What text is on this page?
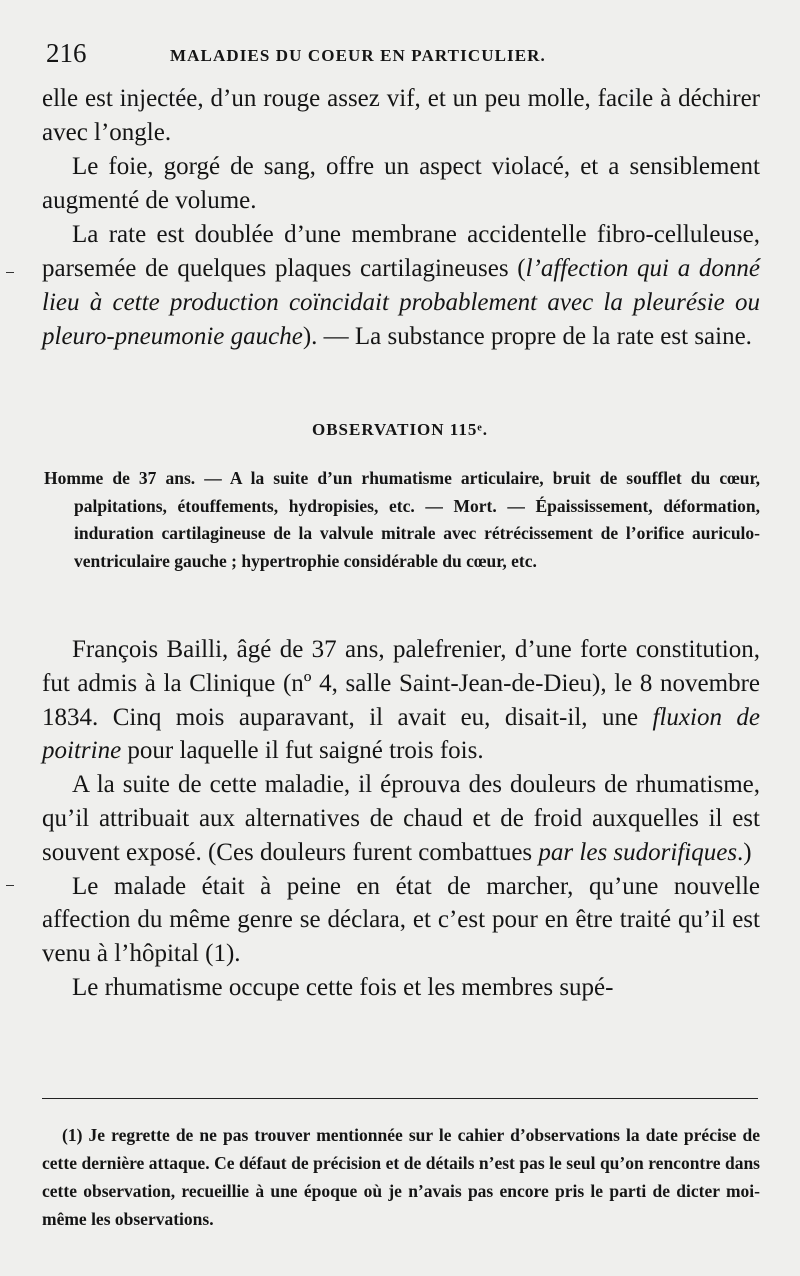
216	MALADIES DU COEUR EN PARTICULIER.

elle est injectée, d’un rouge assez vif, et un peu molle, facile à déchirer avec l’ongle.

Le foie, gorgé de sang, offre un aspect violacé, et a sensiblement augmenté de volume.

La rate est doublée d’une membrane accidentelle fibro-celluleuse, parsemée de quelques plaques cartilagineuses (l’affection qui a donné lieu à cette production coïncidait probablement avec la pleurésie ou pleuro-pneumonie gauche). — La substance propre de la rate est saine.

OBSERVATION 115ᵉ.

Homme de 37 ans. — A la suite d’un rhumatisme articulaire, bruit de soufflet du cœur, palpitations, étouffements, hydropisies, etc. — Mort. — Épaississement, déformation, induration cartilagineuse de la valvule mitrale avec rétrécissement de l’orifice auriculo-ventriculaire gauche ; hypertrophie considérable du cœur, etc.

François Bailli, âgé de 37 ans, palefrenier, d’une forte constitution, fut admis à la Clinique (nº 4, salle Saint-Jean-de-Dieu), le 8 novembre 1834. Cinq mois auparavant, il avait eu, disait-il, une fluxion de poitrine pour laquelle il fut saigné trois fois.

A la suite de cette maladie, il éprouva des douleurs de rhumatisme, qu’il attribuait aux alternatives de chaud et de froid auxquelles il est souvent exposé. (Ces douleurs furent combattues par les sudorifiques.)

Le malade était à peine en état de marcher, qu’une nouvelle affection du même genre se déclara, et c’est pour en être traité qu’il est venu à l’hôpital (1).

Le rhumatisme occupe cette fois et les membres supé-

(1) Je regrette de ne pas trouver mentionnée sur le cahier d’observations la date précise de cette dernière attaque. Ce défaut de précision et de détails n’est pas le seul qu’on rencontre dans cette observation, recueillie à une époque où je n’avais pas encore pris le parti de dicter moi-même les observations.
